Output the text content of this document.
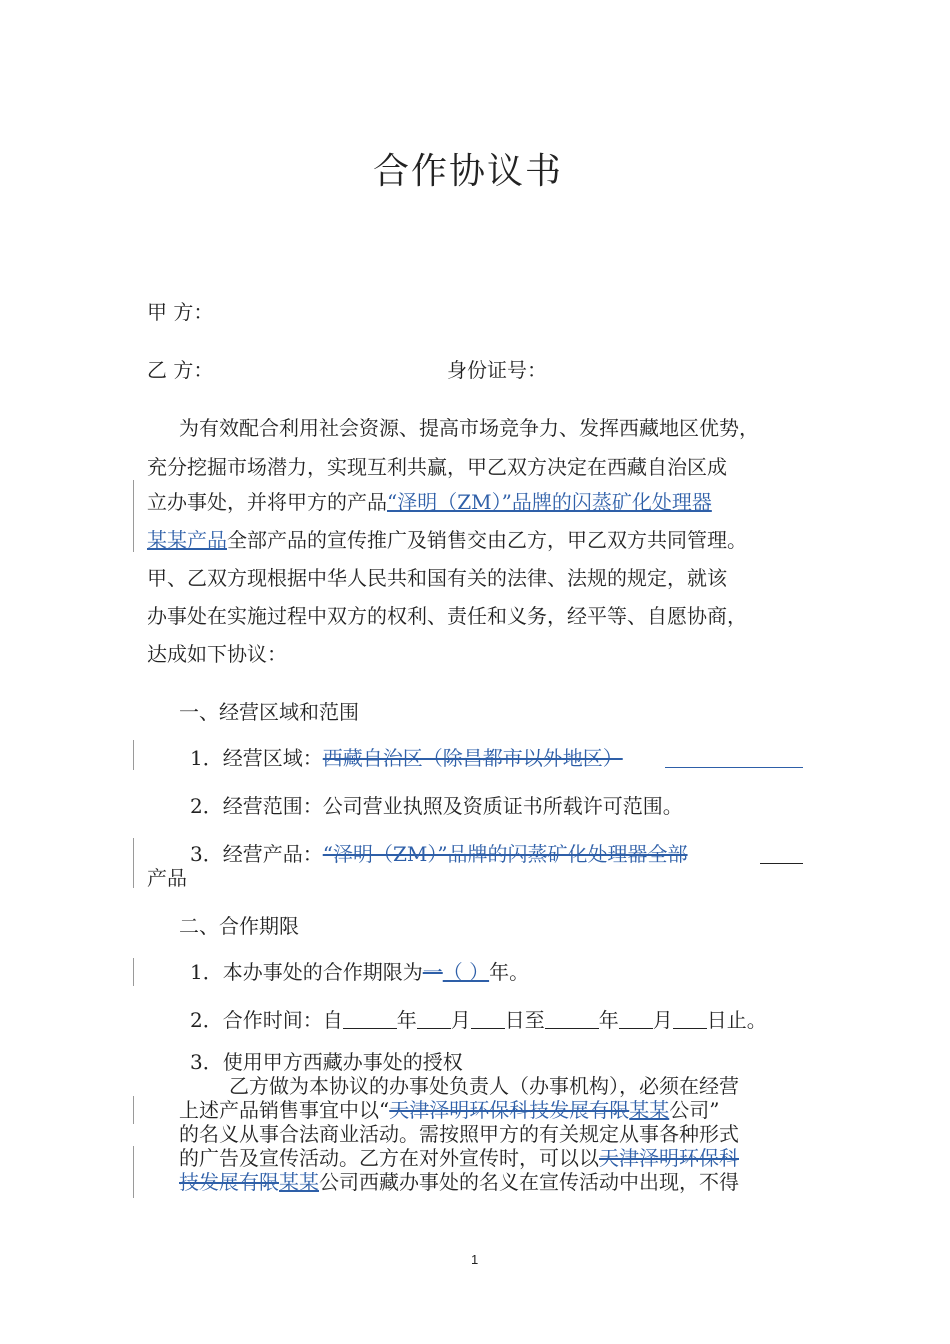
合作协议书
甲 方：
乙 方：	身份证号：
为有效配合利用社会资源、提高市场竞争力、发挥西藏地区优势，
充分挖掘市场潜力，实现互利共赢，甲乙双方决定在西藏自治区成
立办事处，并将甲方的产品“泽明（ZM）”品牌的闪蒸矿化处理器
某某产品全部产品的宣传推广及销售交由乙方，甲乙双方共同管理。
甲、乙双方现根据中华人民共和国有关的法律、法规的规定，就该
办事处在实施过程中双方的权利、责任和义务，经平等、自愿协商，
达成如下协议：
一、经营区域和范围
1．经营区域：西藏自治区（除昌都市以外地区）
2．经营范围：公司营业执照及资质证书所载许可范围。
3．经营产品：“泽明（ZM）”品牌的闪蒸矿化处理器全部
产品
二、合作期限
1．本办事处的合作期限为一（ ）年。
2．合作时间：自	年 月 日至	年 月 日止。
3．使用甲方西藏办事处的授权
乙方做为本协议的办事处负责人（办事机构），必须在经营
上述产品销售事宜中以“天津泽明环保科技发展有限某某公司”
的名义从事合法商业活动。需按照甲方的有关规定从事各种形式
的广告及宣传活动。乙方在对外宣传时，可以以天津泽明环保科
技发展有限某某公司西藏办事处的名义在宣传活动中出现，不得
1
